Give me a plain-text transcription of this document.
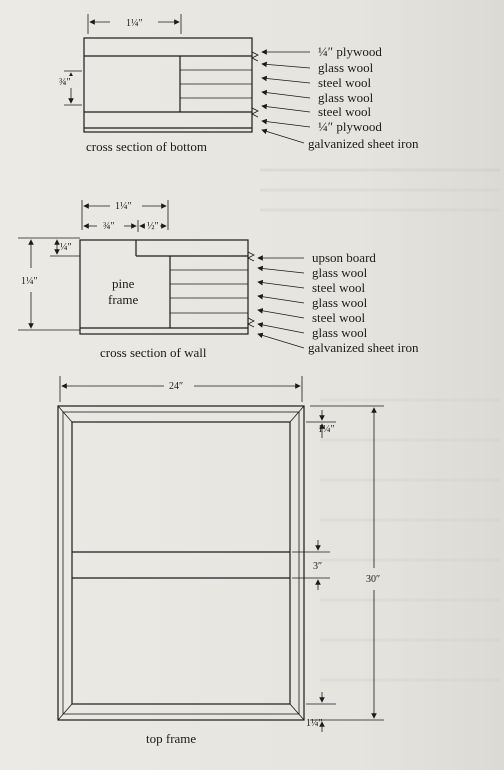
1¼″
¾″
¼″ plywood
glass wool
steel wool
glass wool
steel wool
¼″ plywood
galvanized sheet iron
cross section of bottom
1¼″
¾″	½″
¼″
1¼″	pine
frame
upson board
glass wool
steel wool
glass wool
steel wool
glass wool
galvanized sheet iron
cross section of wall
24″
30″
1¼″
3″
1¼″
top frame
